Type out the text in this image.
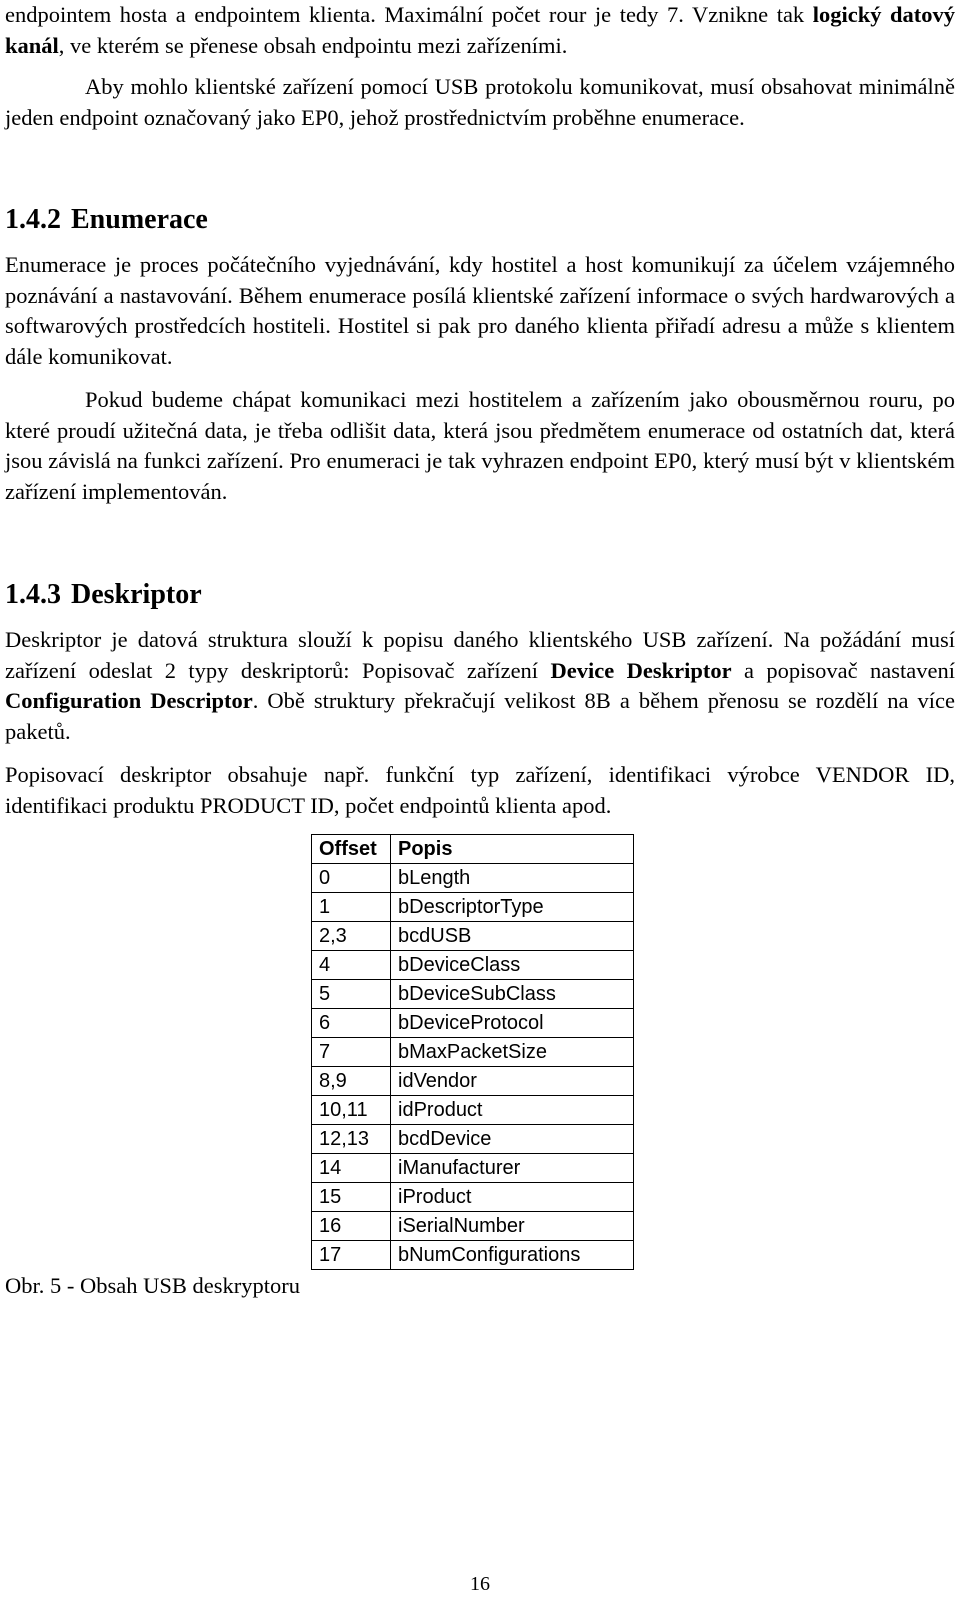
endpointem hosta a endpointem klienta. Maximální počet rour je tedy 7. Vznikne tak logický datový kanál, ve kterém se přenese obsah endpointu mezi zařízeními.

Aby mohlo klientské zařízení pomocí USB protokolu komunikovat, musí obsahovat minimálně jeden endpoint označovaný jako EP0, jehož prostřednictvím proběhne enumerace.

1.4.2 Enumerace

Enumerace je proces počátečního vyjednávání, kdy hostitel a host komunikují za účelem vzájemného poznávání a nastavování. Během enumerace posílá klientské zařízení informace o svých hardwarových a softwarových prostředcích hostiteli. Hostitel si pak pro daného klienta přiřadí adresu a může s klientem dále komunikovat.

Pokud budeme chápat komunikaci mezi hostitelem a zařízením jako obousměrnou rouru, po které proudí užitečná data, je třeba odlišit data, která jsou předmětem enumerace od ostatních dat, která jsou závislá na funkci zařízení. Pro enumeraci je tak vyhrazen endpoint EP0, který musí být v klientském zařízení implementován.

1.4.3 Deskriptor

Deskriptor je datová struktura slouží k popisu daného klientského USB zařízení. Na požádání musí zařízení odeslat 2 typy deskriptorů: Popisovač zařízení Device Deskriptor a popisovač nastavení Configuration Descriptor. Obě struktury překračují velikost 8B a během přenosu se rozdělí na více paketů.

Popisovací deskriptor obsahuje např. funkční typ zařízení, identifikaci výrobce VENDOR ID, identifikaci produktu PRODUCT ID, počet endpointů klienta apod.

Offset	Popis
0	bLength
1	bDescriptorType
2,3	bcdUSB
4	bDeviceClass
5	bDeviceSubClass
6	bDeviceProtocol
7	bMaxPacketSize
8,9	idVendor
10,11	idProduct
12,13	bcdDevice
14	iManufacturer
15	iProduct
16	iSerialNumber
17	bNumConfigurations

Obr. 5 - Obsah USB deskryptoru

16
